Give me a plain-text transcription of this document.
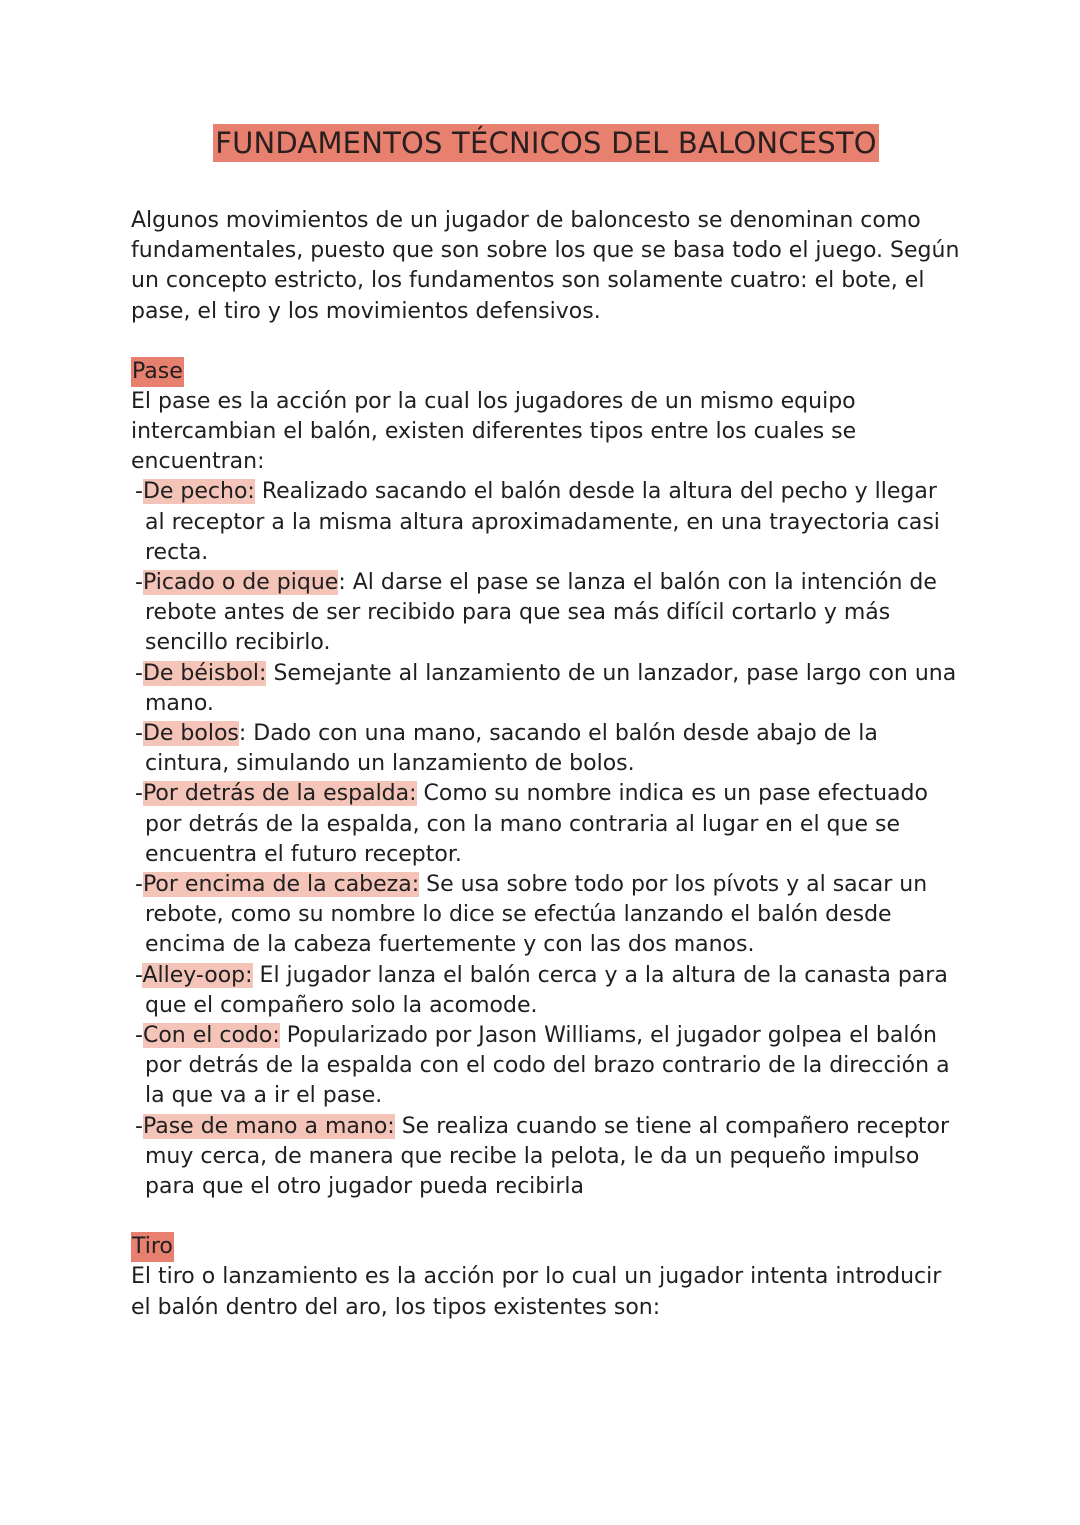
FUNDAMENTOS TÉCNICOS DEL BALONCESTO

Algunos movimientos de un jugador de baloncesto se denominan como fundamentales, puesto que son sobre los que se basa todo el juego. Según un concepto estricto, los fundamentos son solamente cuatro: el bote, el pase, el tiro y los movimientos defensivos.

Pase

El pase es la acción por la cual los jugadores de un mismo equipo intercambian el balón, existen diferentes tipos entre los cuales se encuentran:

-De pecho: Realizado sacando el balón desde la altura del pecho y llegar al receptor a la misma altura aproximadamente, en una trayectoria casi recta.
-Picado o de pique: Al darse el pase se lanza el balón con la intención de rebote antes de ser recibido para que sea más difícil cortarlo y más sencillo recibirlo.
-De béisbol: Semejante al lanzamiento de un lanzador, pase largo con una mano.
-De bolos: Dado con una mano, sacando el balón desde abajo de la cintura, simulando un lanzamiento de bolos.
-Por detrás de la espalda: Como su nombre indica es un pase efectuado por detrás de la espalda, con la mano contraria al lugar en el que se encuentra el futuro receptor.
-Por encima de la cabeza: Se usa sobre todo por los pívots y al sacar un rebote, como su nombre lo dice se efectúa lanzando el balón desde encima de la cabeza fuertemente y con las dos manos.
-Alley-oop: El jugador lanza el balón cerca y a la altura de la canasta para que el compañero solo la acomode.
-Con el codo: Popularizado por Jason Williams, el jugador golpea el balón por detrás de la espalda con el codo del brazo contrario de la dirección a la que va a ir el pase.
-Pase de mano a mano: Se realiza cuando se tiene al compañero receptor muy cerca, de manera que recibe la pelota, le da un pequeño impulso para que el otro jugador pueda recibirla
Tiro

El tiro o lanzamiento es la acción por lo cual un jugador intenta introducir el balón dentro del aro, los tipos existentes son:
